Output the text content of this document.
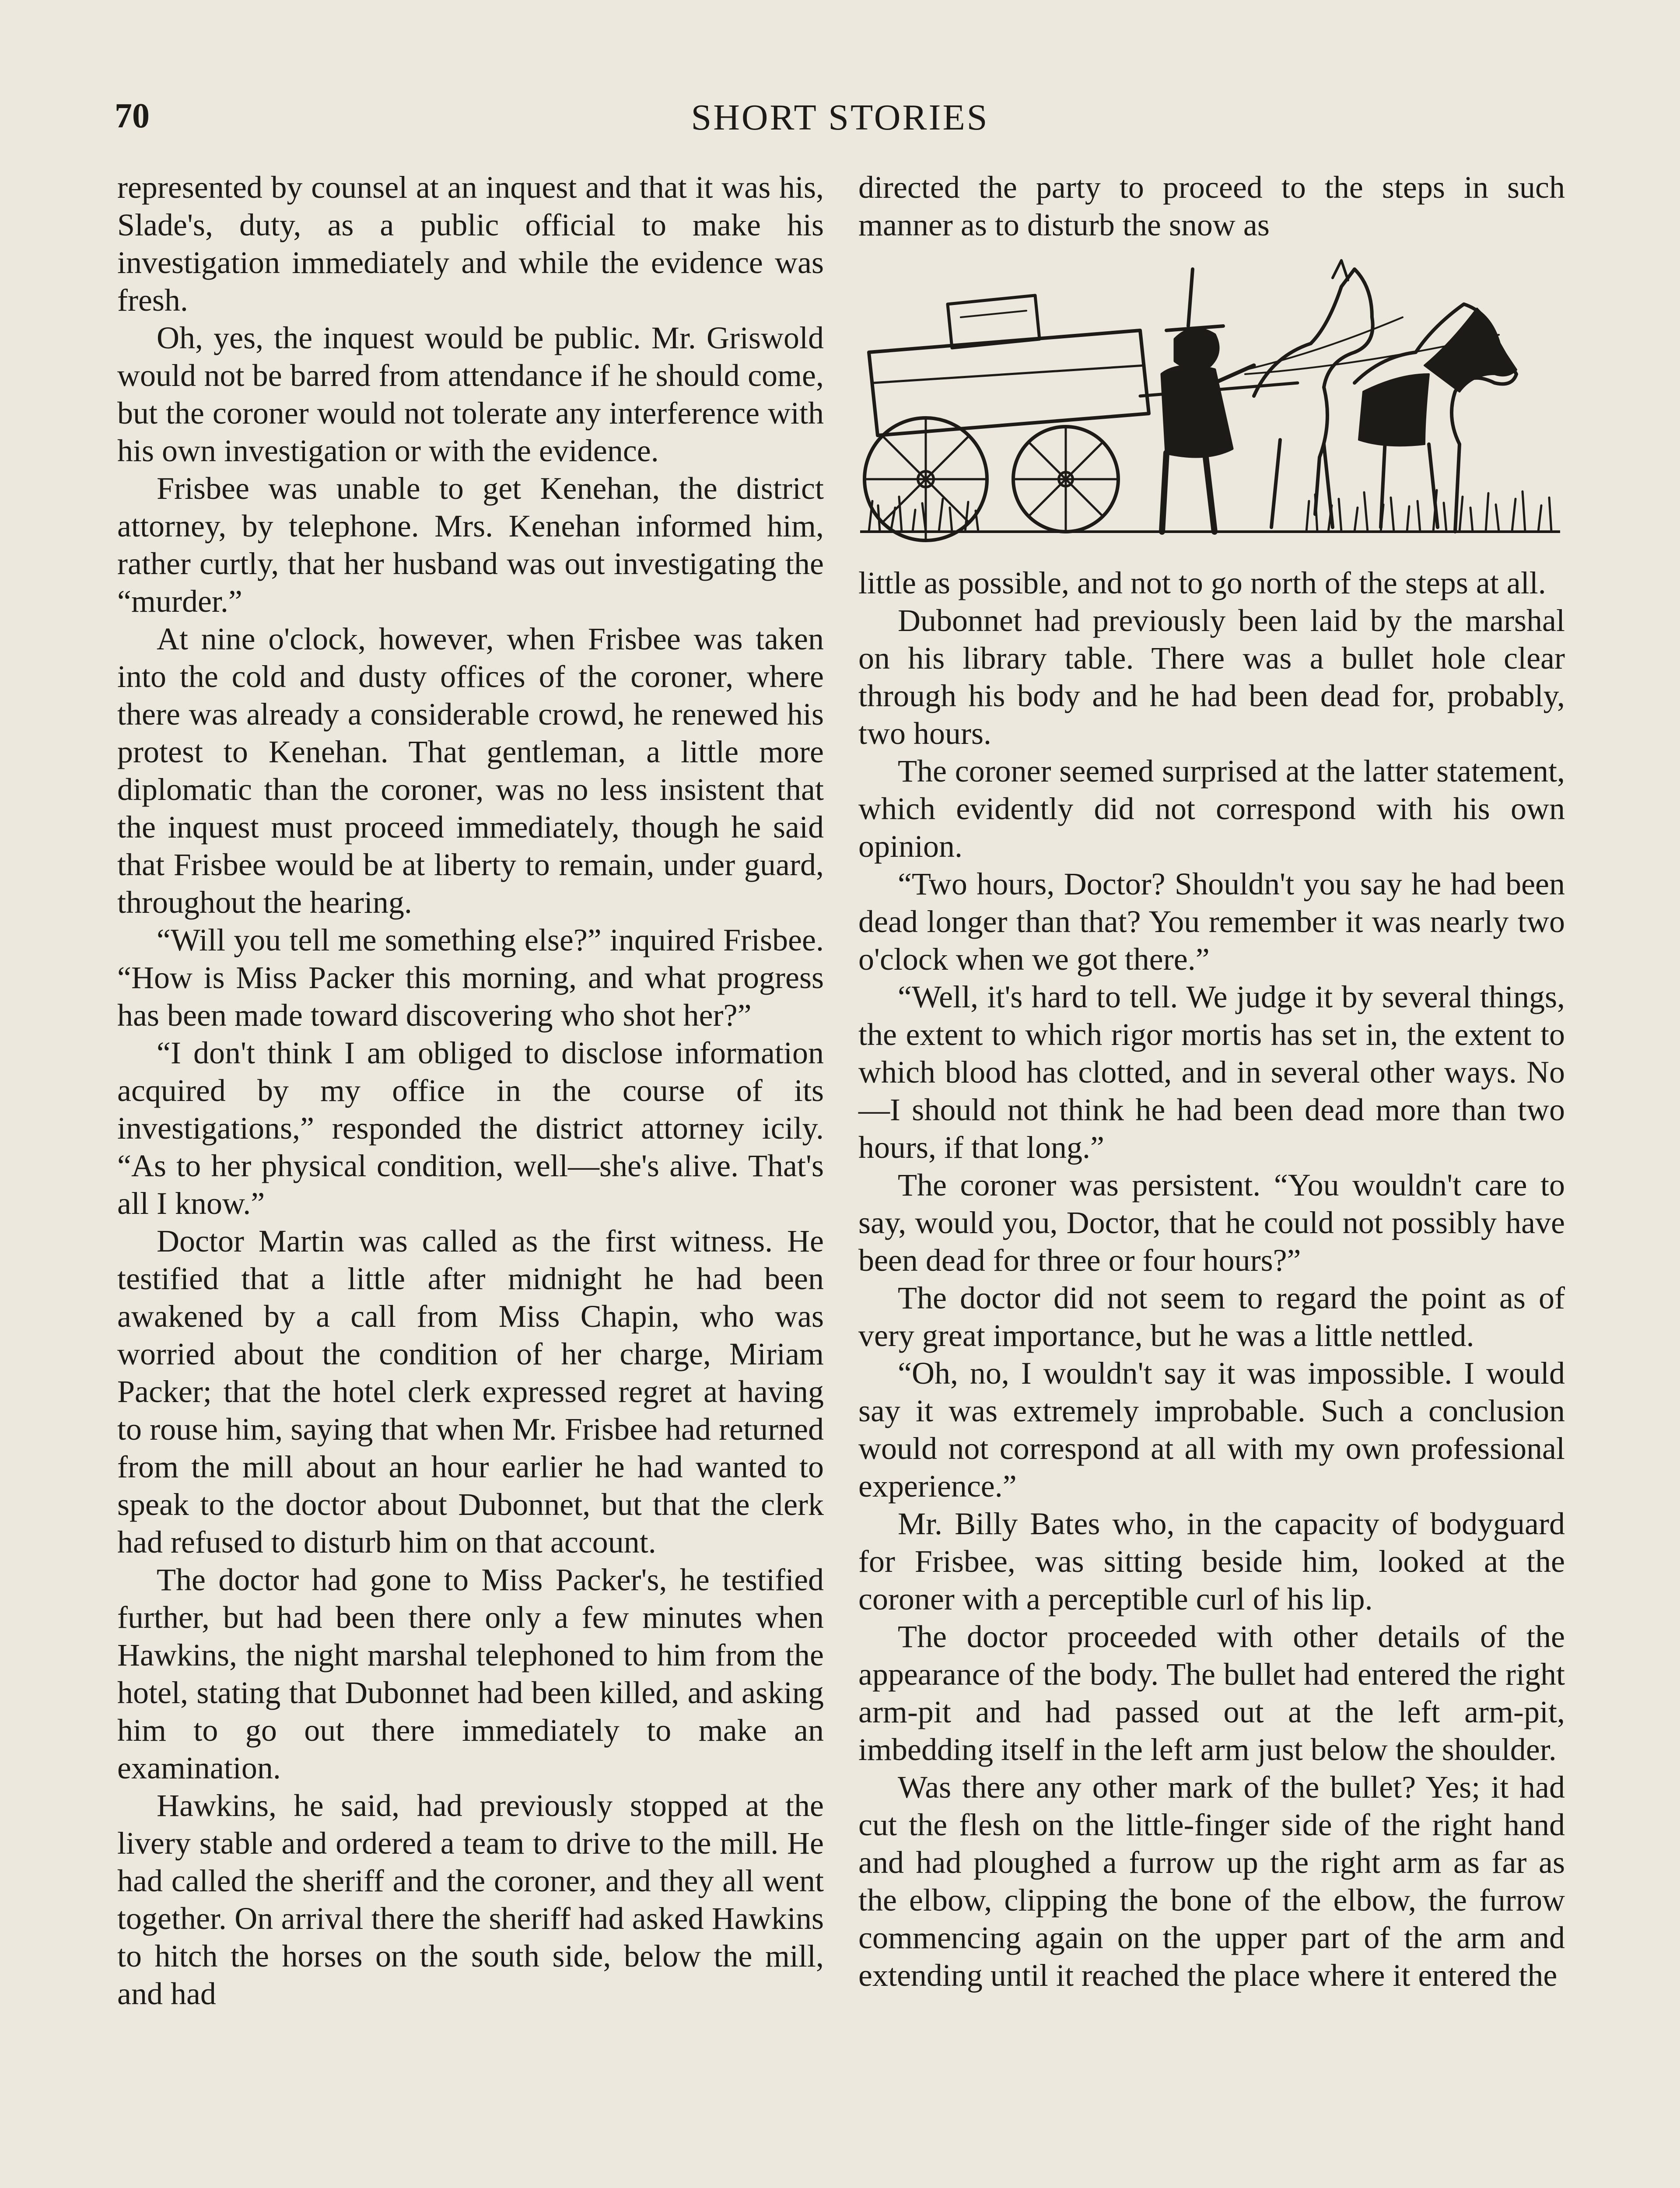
70	SHORT STORIES

represented by counsel at an inquest and that it was his, Slade's, duty, as a public official to make his investigation immediately and while the evidence was fresh.

Oh, yes, the inquest would be public. Mr. Griswold would not be barred from attendance if he should come, but the coroner would not tolerate any interference with his own investigation or with the evidence.

Frisbee was unable to get Kenehan, the district attorney, by telephone. Mrs. Kenehan informed him, rather curtly, that her husband was out investigating the “murder.”

At nine o'clock, however, when Frisbee was taken into the cold and dusty offices of the coroner, where there was already a considerable crowd, he renewed his protest to Kenehan. That gentleman, a little more diplomatic than the coroner, was no less insistent that the inquest must proceed immediately, though he said that Frisbee would be at liberty to remain, under guard, throughout the hearing.

“Will you tell me something else?” inquired Frisbee. “How is Miss Packer this morning, and what progress has been made toward discovering who shot her?”

“I don't think I am obliged to disclose information acquired by my office in the course of its investigations,” responded the district attorney icily. “As to her physical condition, well—she's alive. That's all I know.”

Doctor Martin was called as the first witness. He testified that a little after midnight he had been awakened by a call from Miss Chapin, who was worried about the condition of her charge, Miriam Packer; that the hotel clerk expressed regret at having to rouse him, saying that when Mr. Frisbee had returned from the mill about an hour earlier he had wanted to speak to the doctor about Dubonnet, but that the clerk had refused to disturb him on that account.

The doctor had gone to Miss Packer's, he testified further, but had been there only a few minutes when Hawkins, the night marshal telephoned to him from the hotel, stating that Dubonnet had been killed, and asking him to go out there immediately to make an examination.

Hawkins, he said, had previously stopped at the livery stable and ordered a team to drive to the mill. He had called the sheriff and the coroner, and they all went together. On arrival there the sheriff had asked Hawkins to hitch the horses on the south side, below the mill, and had

directed the party to proceed to the steps in such manner as to disturb the snow as

little as possible, and not to go north of the steps at all.

Dubonnet had previously been laid by the marshal on his library table. There was a bullet hole clear through his body and he had been dead for, probably, two hours.

The coroner seemed surprised at the latter statement, which evidently did not correspond with his own opinion.

“Two hours, Doctor? Shouldn't you say he had been dead longer than that? You remember it was nearly two o'clock when we got there.”

“Well, it's hard to tell. We judge it by several things, the extent to which rigor mortis has set in, the extent to which blood has clotted, and in several other ways. No —I should not think he had been dead more than two hours, if that long.”

The coroner was persistent. “You wouldn't care to say, would you, Doctor, that he could not possibly have been dead for three or four hours?”

The doctor did not seem to regard the point as of very great importance, but he was a little nettled.

“Oh, no, I wouldn't say it was impossible. I would say it was extremely improbable. Such a conclusion would not correspond at all with my own professional experience.”

Mr. Billy Bates who, in the capacity of bodyguard for Frisbee, was sitting beside him, looked at the coroner with a perceptible curl of his lip.

The doctor proceeded with other details of the appearance of the body. The bullet had entered the right arm-pit and had passed out at the left arm-pit, imbedding itself in the left arm just below the shoulder.

Was there any other mark of the bullet? Yes; it had cut the flesh on the little-finger side of the right hand and had ploughed a furrow up the right arm as far as the elbow, clipping the bone of the elbow, the furrow commencing again on the upper part of the arm and extending until it reached the place where it entered the
